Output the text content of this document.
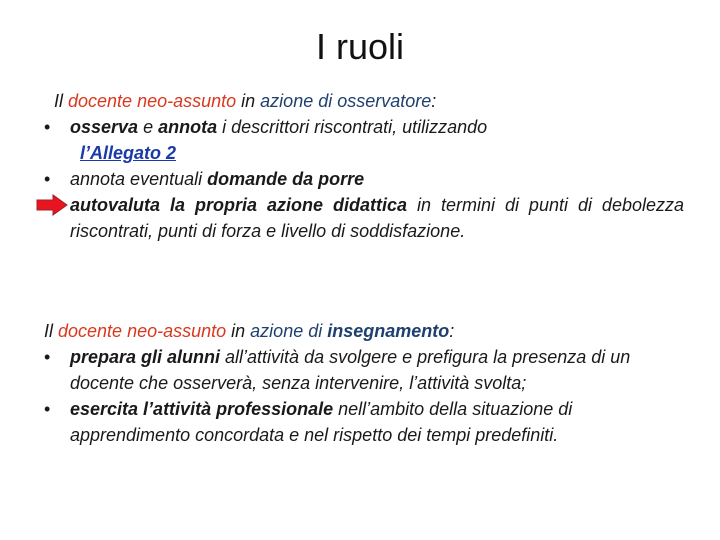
I ruoli
Il docente neo-assunto in azione di osservatore:
• osserva e annota i descrittori riscontrati, utilizzando
l’Allegato 2
• annota eventuali domande da porre
autovaluta la propria azione didattica in termini di punti di debolezza riscontrati, punti di forza e livello di soddisfazione.
Il docente neo-assunto in azione di insegnamento:
• prepara gli alunni all’attività da svolgere e prefigura la presenza di un docente che osserverà, senza intervenire, l’attività svolta;
• esercita l’attività professionale nell’ambito della situazione di apprendimento concordata e nel rispetto dei tempi predefiniti.
